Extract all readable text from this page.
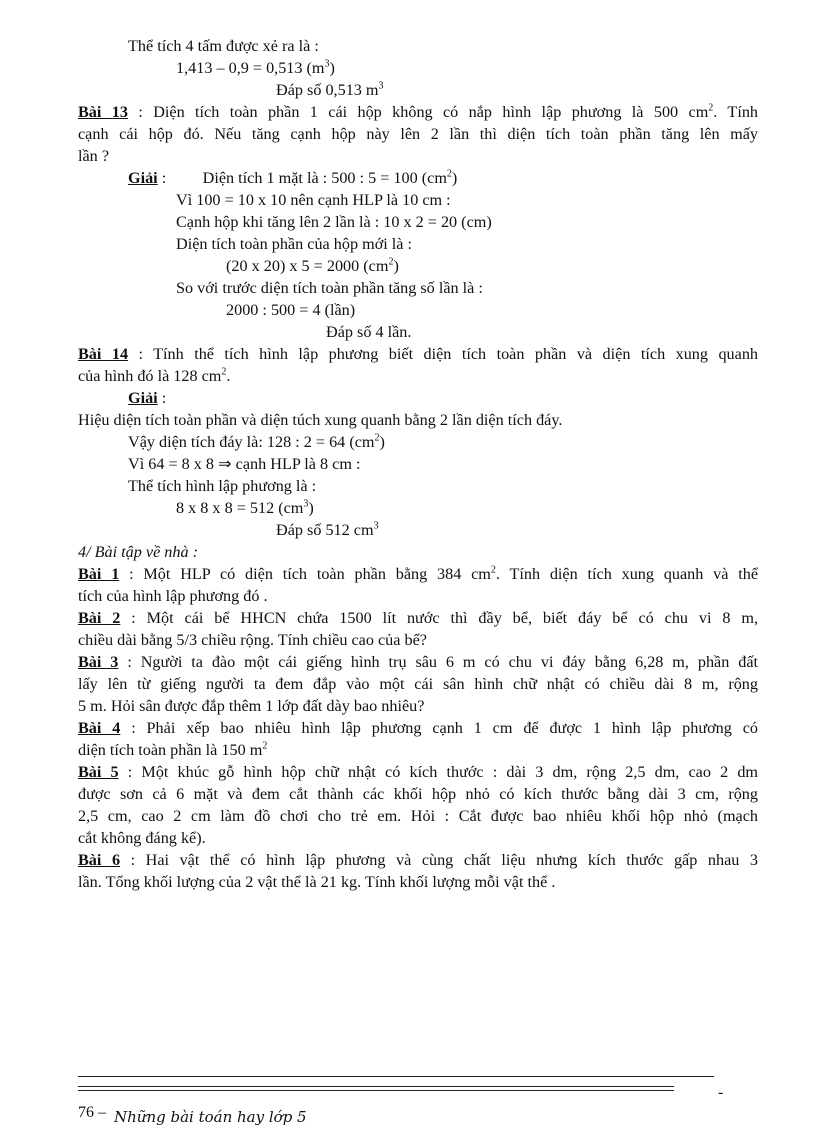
Thể tích 4 tấm được xẻ ra là :
1,413 – 0,9 = 0,513 $(m^3)$
Đáp số 0,513 $m^3$
Bài 13 : Diện tích toàn phần 1 cái hộp không có nắp hình lập phương là 500 $cm^2$. Tính
cạnh cái hộp đó. Nếu tăng cạnh hộp này lên 2 lần thì diện tích toàn phần tăng lên mấy
lần ?
Giải :         Diện tích 1 mặt là : 500 : 5 = 100 $(cm^2)$
Vì 100 = 10 x 10 nên cạnh HLP là 10 cm :
Cạnh hộp khi tăng lên 2 lần là : 10 x 2 = 20 (cm)
Diện tích toàn phần của hộp mới là :
(20 x 20) x 5 = 2000 $(cm^2)$
So với trước diện tích toàn phần tăng số lần là :
2000 : 500 = 4 (lần)
Đáp số 4 lần.
Bài 14 : Tính thể tích hình lập phương biết diện tích toàn phần và diện tích xung quanh
của hình đó là 128 $cm^2$.
Giải :
Hiệu diện tích toàn phần và diện túch xung quanh bằng 2 lần diện tích đáy.
Vậy diện tích đáy là: 128 : 2 = 64 $(cm^2)$
Vì 64 = 8 x 8 ⇒ cạnh HLP là 8 cm :
Thể tích hình lập phương là :
8 x 8 x 8 = 512 $(cm^3)$
Đáp số 512 $cm^3$
4/ Bài tập về nhà :
Bài 1 : Một HLP có diện tích toàn phần bằng 384 $cm^2$. Tính diện tích xung quanh và thể
tích của hình lập phương đó .
Bài 2 : Một cái bể HHCN chứa 1500 lít nước thì đầy bể, biết đáy bể có chu vi 8 m,
chiều dài bằng 5/3 chiều rộng. Tính chiều cao của bể?
Bài 3 : Người ta đào một cái giếng hình trụ sâu 6 m có chu vi đáy bằng 6,28 m, phần đất
lấy lên từ giếng người ta đem đắp vào một cái sân hình chữ nhật có chiều dài 8 m, rộng
5 m. Hỏi sân được đắp thêm 1 lớp đất dày bao nhiêu?
Bài 4 : Phải xếp bao nhiêu hình lập phương cạnh 1 cm để được 1 hình lập phương có
diện tích toàn phần là 150 $m^2$
Bài 5 : Một khúc gỗ hình hộp chữ nhật có kích thước : dài 3 dm, rộng 2,5 dm, cao 2 dm
được sơn cả 6 mặt và đem cắt thành các khối hộp nhỏ có kích thước bằng dài 3 cm, rộng
2,5 cm, cao 2 cm làm đồ chơi cho trẻ em. Hỏi : Cắt được bao nhiêu khối hộp nhỏ (mạch
cắt không đáng kể).
Bài 6 : Hai vật thể có hình lập phương và cùng chất liệu nhưng kích thước gấp nhau 3
lần. Tổng khối lượng của 2 vật thể là 21 kg. Tính khối lượng mỗi vật thể .
-
76 – Những bài toán hay lớp 5
